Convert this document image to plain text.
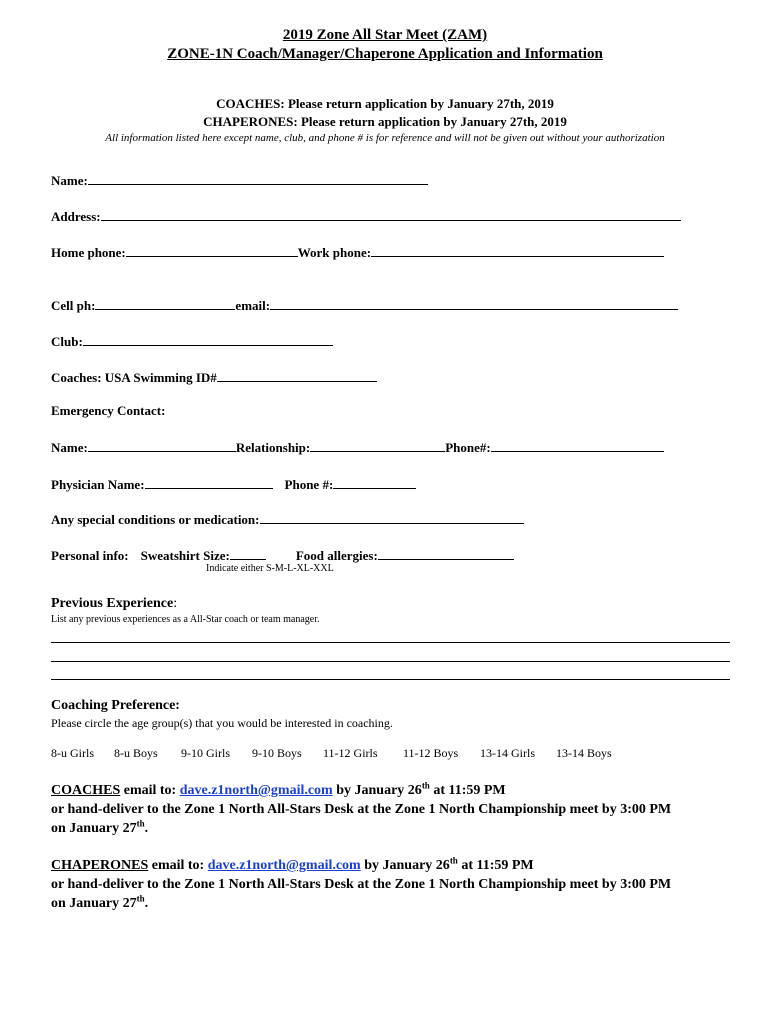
2019 Zone All Star Meet (ZAM)
ZONE-1N Coach/Manager/Chaperone Application and Information
COACHES: Please return application by January 27th, 2019
CHAPERONES: Please return application by January 27th, 2019
All information listed here except name, club, and phone # is for reference and will not be given out without your authorization
Name:
Address:
Home phone:	Work phone:
Cell ph:	email:
Club:
Coaches: USA Swimming ID#
Emergency Contact:
Name:	Relationship:	Phone#:
Physician Name:	Phone #:
Any special conditions or medication:
Personal info: Sweatshirt Size:	Food allergies:
Indicate either S-M-L-XL-XXL
Previous Experience:
List any previous experiences as a All-Star coach or team manager.
Coaching Preference:
Please circle the age group(s) that you would be interested in coaching.
8-u Girls 8-u Boys 9-10 Girls 9-10 Boys 11-12 Girls 11-12 Boys 13-14 Girls 13-14 Boys
COACHES email to: dave.z1north@gmail.com by January 26th at 11:59 PM
or hand-deliver to the Zone 1 North All-Stars Desk at the Zone 1 North Championship meet by 3:00 PM
on January 27th.
CHAPERONES email to: dave.z1north@gmail.com by January 26th at 11:59 PM
or hand-deliver to the Zone 1 North All-Stars Desk at the Zone 1 North Championship meet by 3:00 PM
on January 27th.
